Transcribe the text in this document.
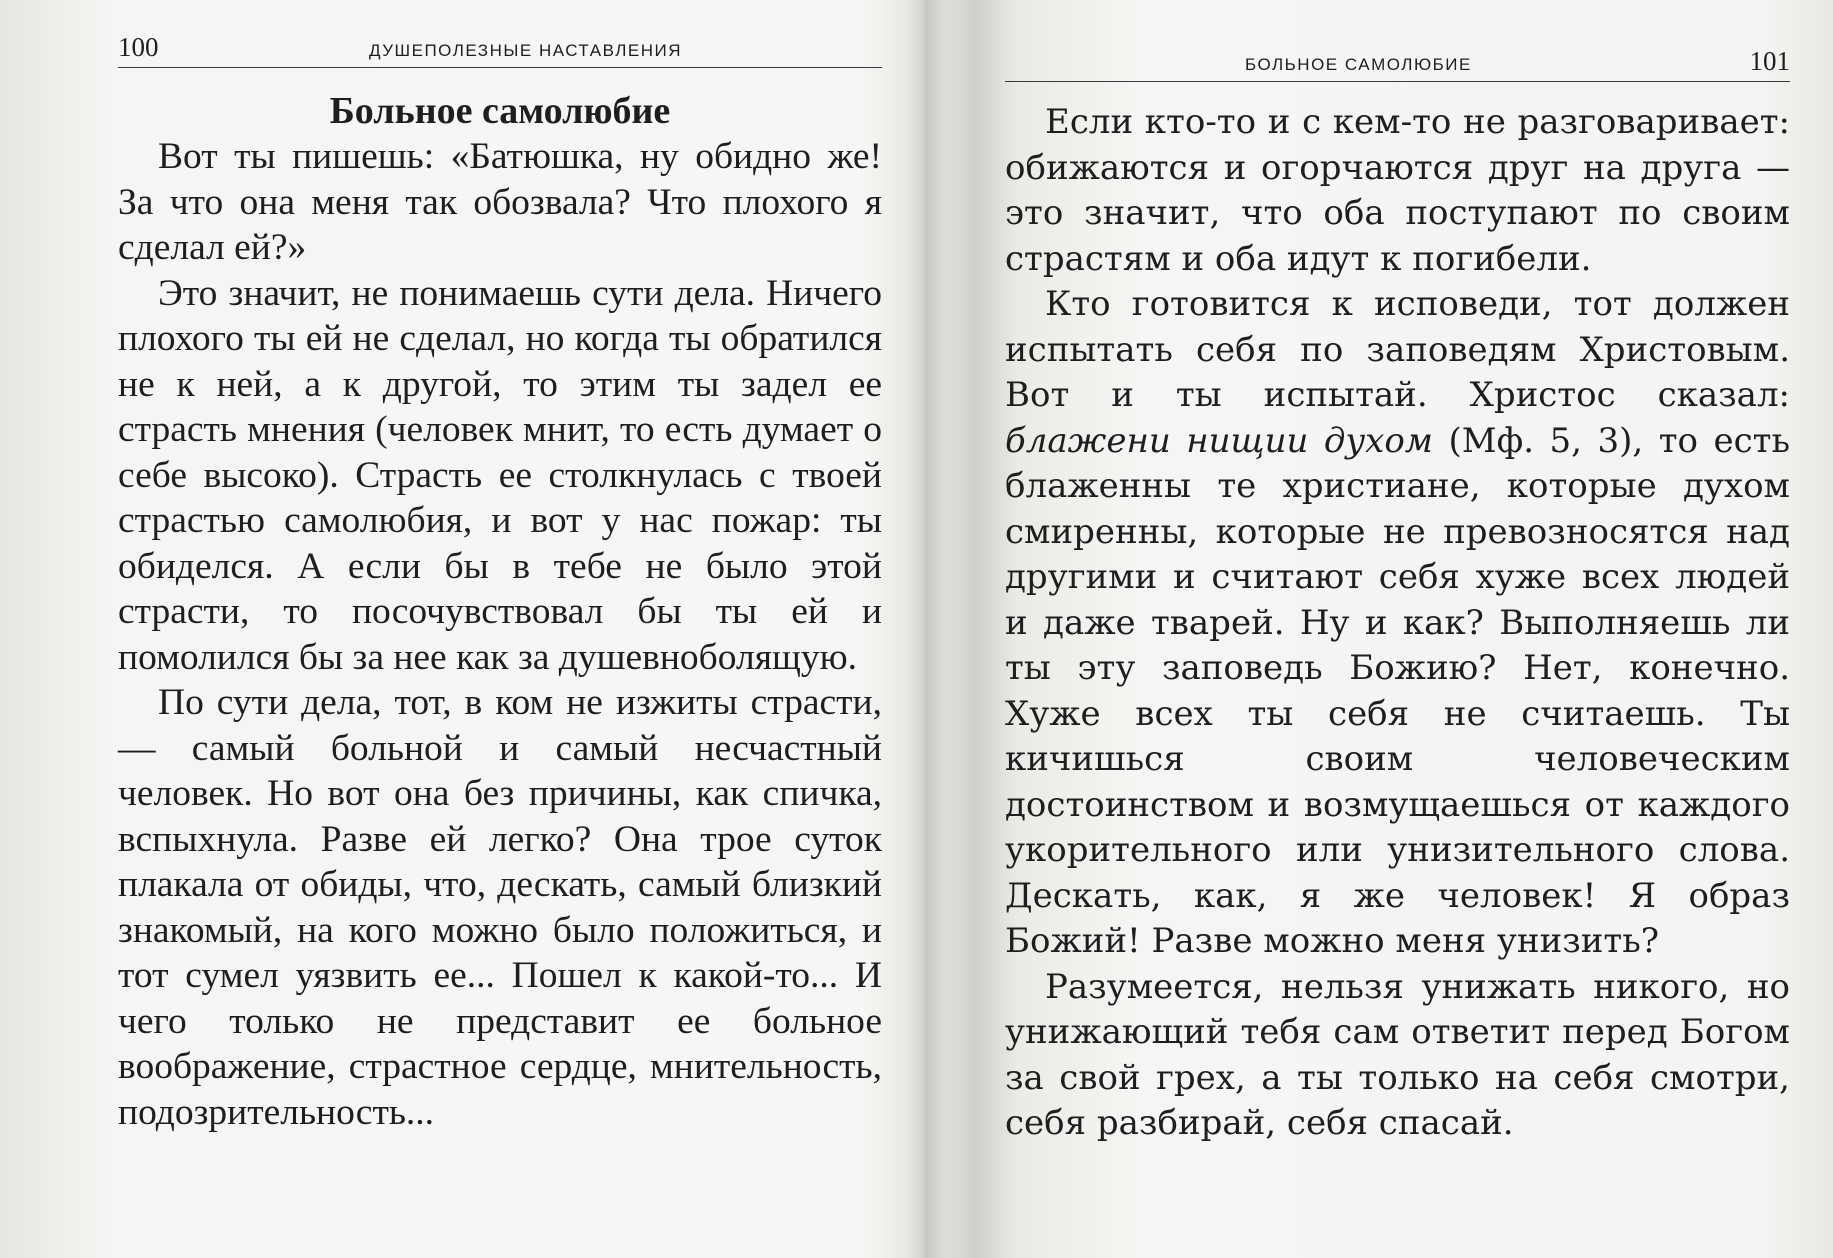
100	ДУШЕПОЛЕЗНЫЕ НАСТАВЛЕНИЯ
Больное самолюбие

Вот ты пишешь: «Батюшка, ну обидно же! За что она меня так обозвала? Что плохого я сделал ей?»

Это значит, не понимаешь сути дела. Ничего плохого ты ей не сделал, но когда ты обратился не к ней, а к другой, то этим ты задел ее страсть мнения (человек мнит, то есть думает о себе высоко). Страсть ее столкнулась с твоей страстью самолюбия, и вот у нас пожар: ты обиделся. А если бы в тебе не было этой страсти, то посочувствовал бы ты ей и помолился бы за нее как за душевноболящую.

По сути дела, тот, в ком не изжиты страсти,— самый больной и самый несчастный человек. Но вот она без причины, как спичка, вспыхнула. Разве ей легко? Она трое суток плакала от обиды, что, дескать, самый близкий знакомый, на кого можно было положиться, и тот сумел уязвить ее... Пошел к какой-то... И чего только не представит ее больное воображение, страстное сердце, мнительность, подозрительность...

БОЛЬНОЕ САМОЛЮБИЕ	101

Если кто-то и с кем-то не разговаривает: обижаются и огорчаются друг на друга — это значит, что оба поступают по своим страстям и оба идут к погибели.

Кто готовится к исповеди, тот должен испытать себя по заповедям Христовым. Вот и ты испытай. Христос сказал: блажени нищии духом (Мф. 5, 3), то есть блаженны те христиане, которые духом смиренны, которые не превозносятся над другими и считают себя хуже всех людей и даже тварей. Ну и как? Выполняешь ли ты эту заповедь Божию? Нет, конечно. Хуже всех ты себя не считаешь. Ты кичишься своим человеческим достоинством и возмущаешься от каждого укорительного или унизительного слова. Дескать, как, я же человек! Я образ Божий! Разве можно меня унизить?

Разумеется, нельзя унижать никого, но унижающий тебя сам ответит перед Богом за свой грех, а ты только на себя смотри, себя разбирай, себя спасай.
